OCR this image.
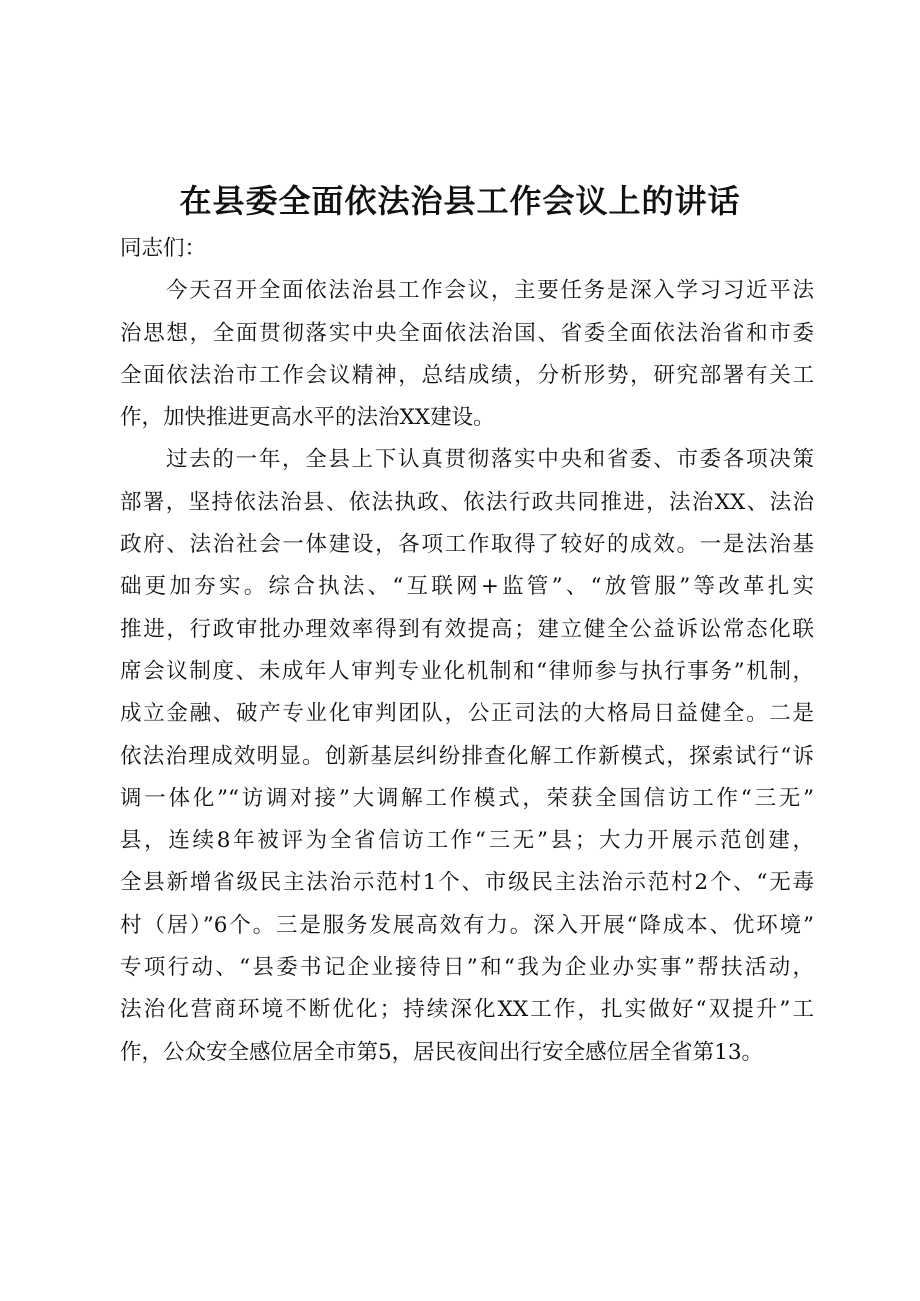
在县委全面依法治县工作会议上的讲话

同志们：

今天召开全面依法治县工作会议，主要任务是深入学习习近平法
治思想，全面贯彻落实中央全面依法治国、省委全面依法治省和市委
全面依法治市工作会议精神，总结成绩，分析形势，研究部署有关工
作，加快推进更高水平的法治XX建设。

过去的一年，全县上下认真贯彻落实中央和省委、市委各项决策
部署，坚持依法治县、依法执政、依法行政共同推进，法治XX、法治
政府、法治社会一体建设，各项工作取得了较好的成效。一是法治基
础更加夯实。综合执法、“互联网+监管”、“放管服”等改革扎实
推进，行政审批办理效率得到有效提高；建立健全公益诉讼常态化联
席会议制度、未成年人审判专业化机制和“律师参与执行事务”机制，
成立金融、破产专业化审判团队，公正司法的大格局日益健全。二是
依法治理成效明显。创新基层纠纷排查化解工作新模式，探索试行“诉
调一体化”“访调对接”大调解工作模式，荣获全国信访工作“三无”
县，连续8年被评为全省信访工作“三无”县；大力开展示范创建，
全县新增省级民主法治示范村1个、市级民主法治示范村2个、“无毒
村（居）”6个。三是服务发展高效有力。深入开展“降成本、优环境”
专项行动、“县委书记企业接待日”和“我为企业办实事”帮扶活动，
法治化营商环境不断优化；持续深化XX工作，扎实做好“双提升”工
作，公众安全感位居全市第5，居民夜间出行安全感位居全省第13。
